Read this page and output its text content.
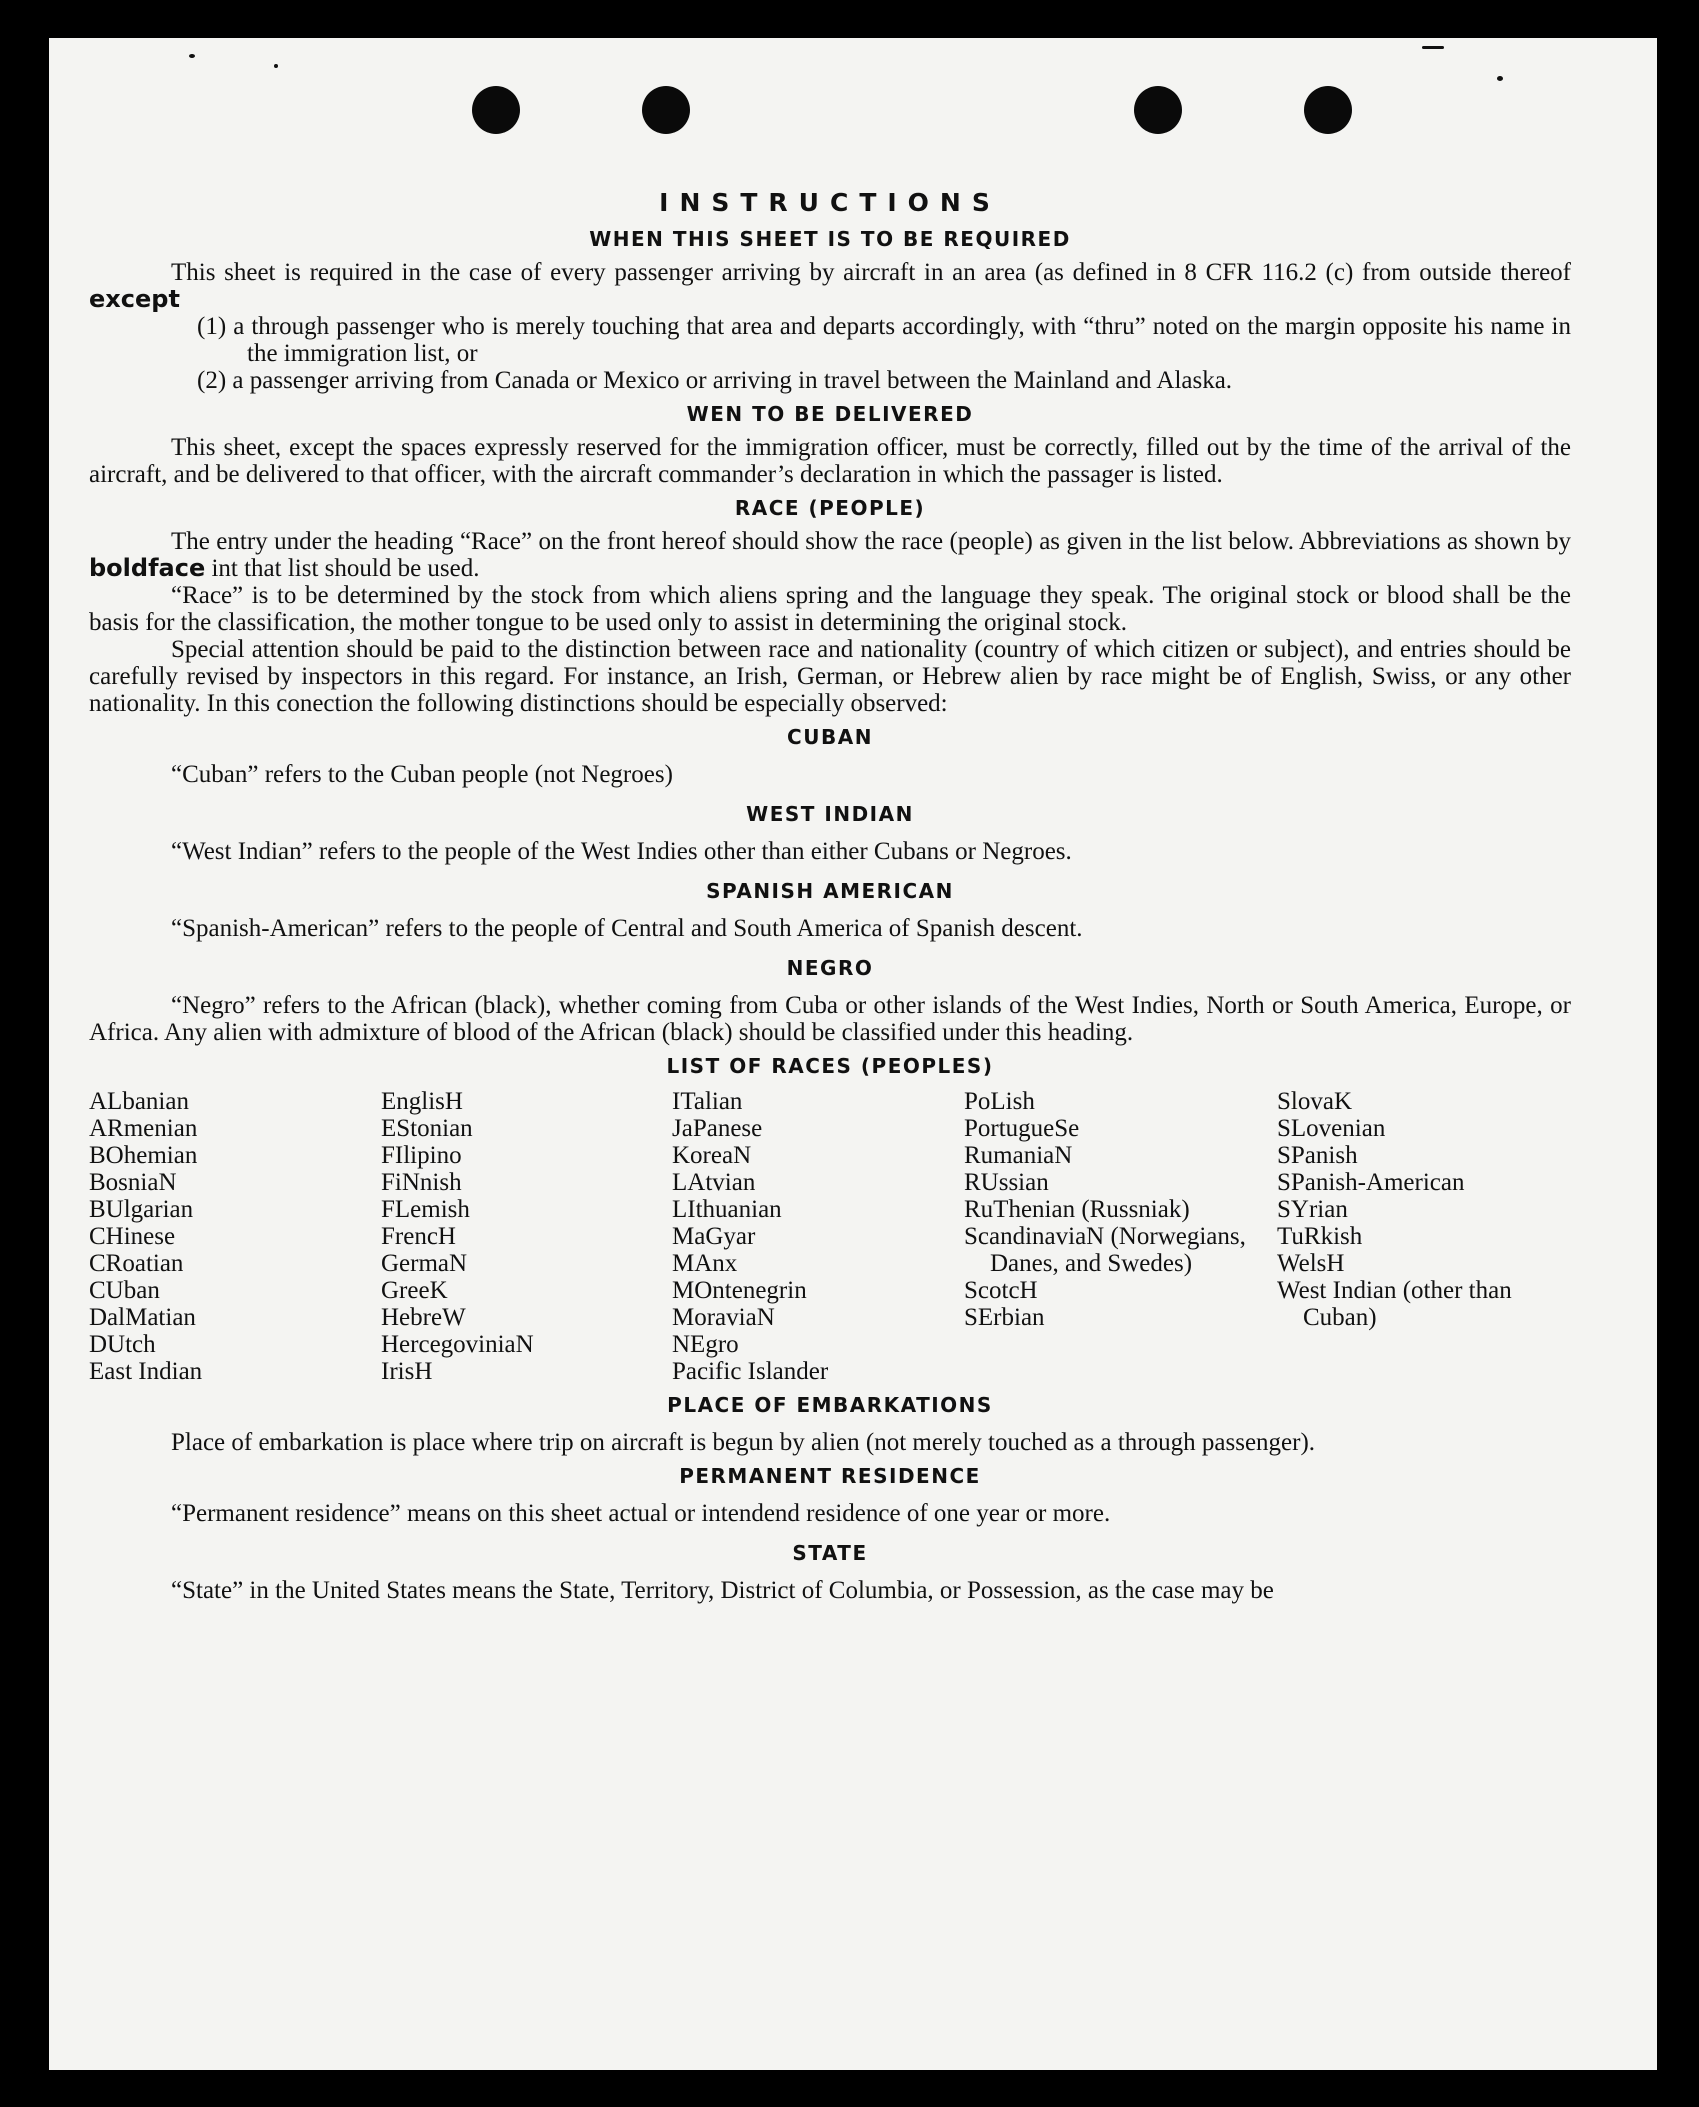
INSTRUCTIONS
WHEN THIS SHEET IS TO BE REQUIRED

This sheet is required in the case of every passenger arriving by aircraft in an area (as defined in 8 CFR 116.2 (c) from outside thereof except

(1) a through passenger who is merely touching that area and departs accordingly, with “thru” noted on the margin opposite his name in the immigration list, or

(2) a passenger arriving from Canada or Mexico or arriving in travel between the Mainland and Alaska.

WEN TO BE DELIVERED

This sheet, except the spaces expressly reserved for the immigration officer, must be correctly, filled out by the time of the arrival of the aircraft, and be delivered to that officer, with the aircraft commander’s declaration in which the passager is listed.

RACE (PEOPLE)

The entry under the heading “Race” on the front hereof should show the race (people) as given in the list below. Abbreviations as shown by boldface int that list should be used.

“Race” is to be determined by the stock from which aliens spring and the language they speak. The original stock or blood shall be the basis for the classification, the mother tongue to be used only to assist in determining the original stock.

Special attention should be paid to the distinction between race and nationality (country of which citizen or subject), and entries should be carefully revised by inspectors in this regard. For instance, an Irish, German, or Hebrew alien by race might be of English, Swiss, or any other nationality. In this conection the following distinctions should be especially observed:

CUBAN

“Cuban” refers to the Cuban people (not Negroes)

WEST INDIAN

“West Indian” refers to the people of the West Indies other than either Cubans or Negroes.

SPANISH AMERICAN

“Spanish-American” refers to the people of Central and South America of Spanish descent.

NEGRO

“Negro” refers to the African (black), whether coming from Cuba or other islands of the West Indies, North or South America, Europe, or Africa. Any alien with admixture of blood of the African (black) should be classified under this heading.

LIST OF RACES (PEOPLES)
ALbanian
ARmenian
BOhemian
BosniaN
BUlgarian
CHinese
CRoatian
CUban
DalMatian
DUtch
East Indian
EnglisH
EStonian
FIlipino
FiNnish
FLemish
FrencH
GermaN
GreeK
HebreW
HercegoviniaN
IrisH
ITalian
JaPanese
KoreaN
LAtvian
LIthuanian
MaGyar
MAnx
MOntenegrin
MoraviaN
NEgro
Pacific Islander
PoLish
PortugueSe
RumaniaN
RUssian
RuThenian (Russniak)
ScandinaviaN (Norwegians, Danes, and Swedes)
ScotcH
SErbian
SlovaK
SLovenian
SPanish
SPanish-American
SYrian
TuRkish
WelsH
West Indian (other than Cuban)
PLACE OF EMBARKATIONS

Place of embarkation is place where trip on aircraft is begun by alien (not merely touched as a through passenger).

PERMANENT RESIDENCE

“Permanent residence” means on this sheet actual or intendend residence of one year or more.

STATE

“State” in the United States means the State, Territory, District of Columbia, or Possession, as the case may be
